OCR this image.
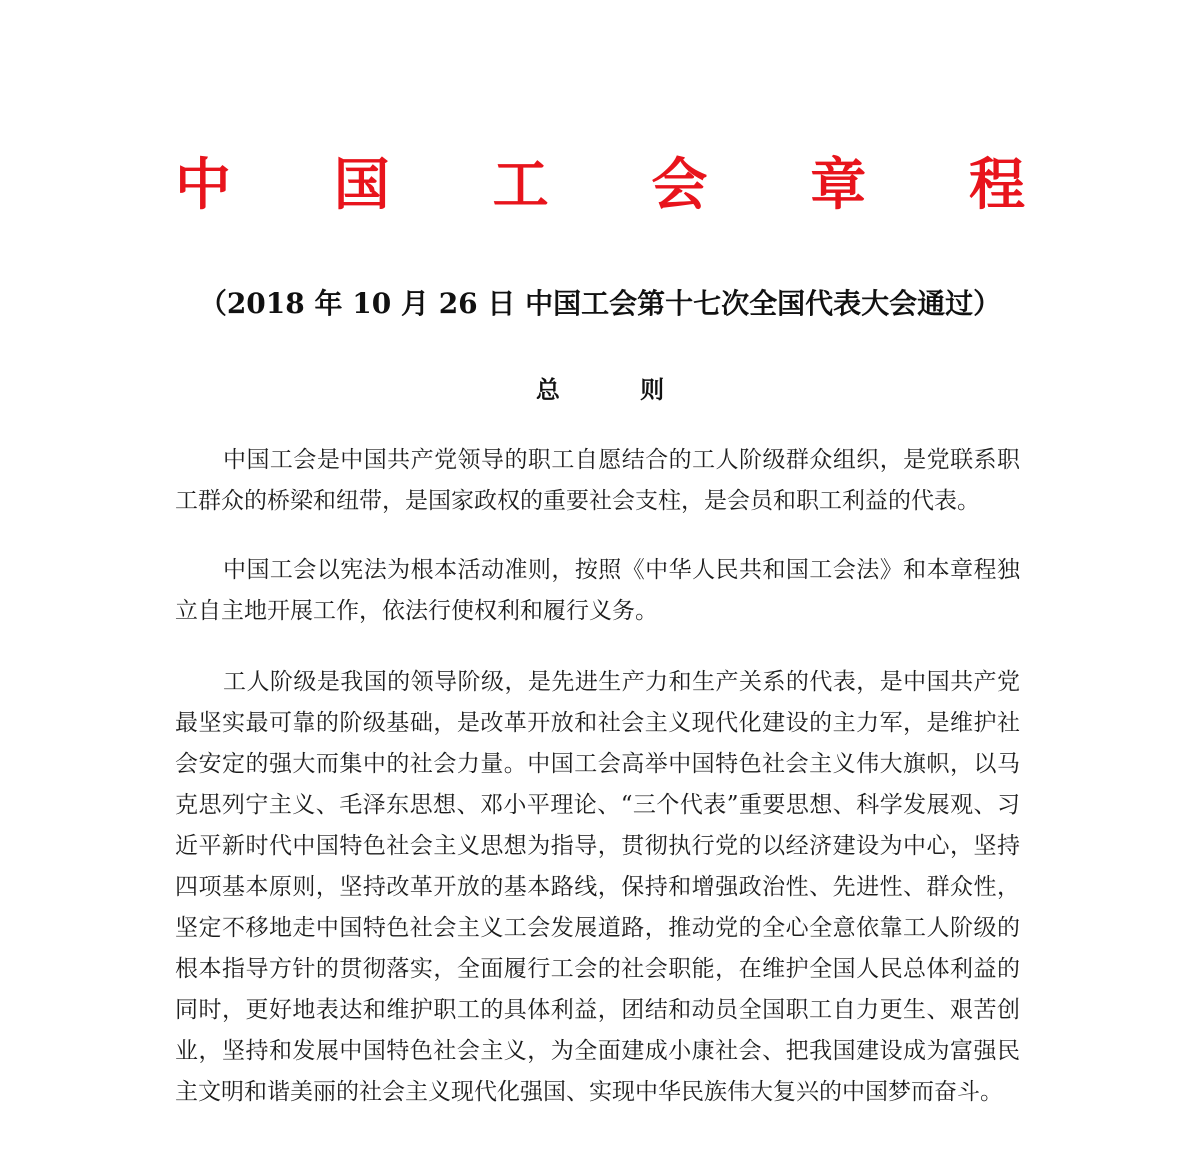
中 国 工 会 章 程

（2018 年 10 月 26 日 中国工会第十七次全国代表大会通过）

总 则

中国工会是中国共产党领导的职工自愿结合的工人阶级群众组织，是党联系职工群众的桥梁和纽带，是国家政权的重要社会支柱，是会员和职工利益的代表。

中国工会以宪法为根本活动准则，按照《中华人民共和国工会法》和本章程独立自主地开展工作，依法行使权利和履行义务。

工人阶级是我国的领导阶级，是先进生产力和生产关系的代表，是中国共产党最坚实最可靠的阶级基础，是改革开放和社会主义现代化建设的主力军，是维护社会安定的强大而集中的社会力量。中国工会高举中国特色社会主义伟大旗帜，以马克思列宁主义、毛泽东思想、邓小平理论、“三个代表”重要思想、科学发展观、习近平新时代中国特色社会主义思想为指导，贯彻执行党的以经济建设为中心，坚持四项基本原则，坚持改革开放的基本路线，保持和增强政治性、先进性、群众性，坚定不移地走中国特色社会主义工会发展道路，推动党的全心全意依靠工人阶级的根本指导方针的贯彻落实，全面履行工会的社会职能，在维护全国人民总体利益的同时，更好地表达和维护职工的具体利益，团结和动员全国职工自力更生、艰苦创业，坚持和发展中国特色社会主义，为全面建成小康社会、把我国建设成为富强民主文明和谐美丽的社会主义现代化强国、实现中华民族伟大复兴的中国梦而奋斗。
